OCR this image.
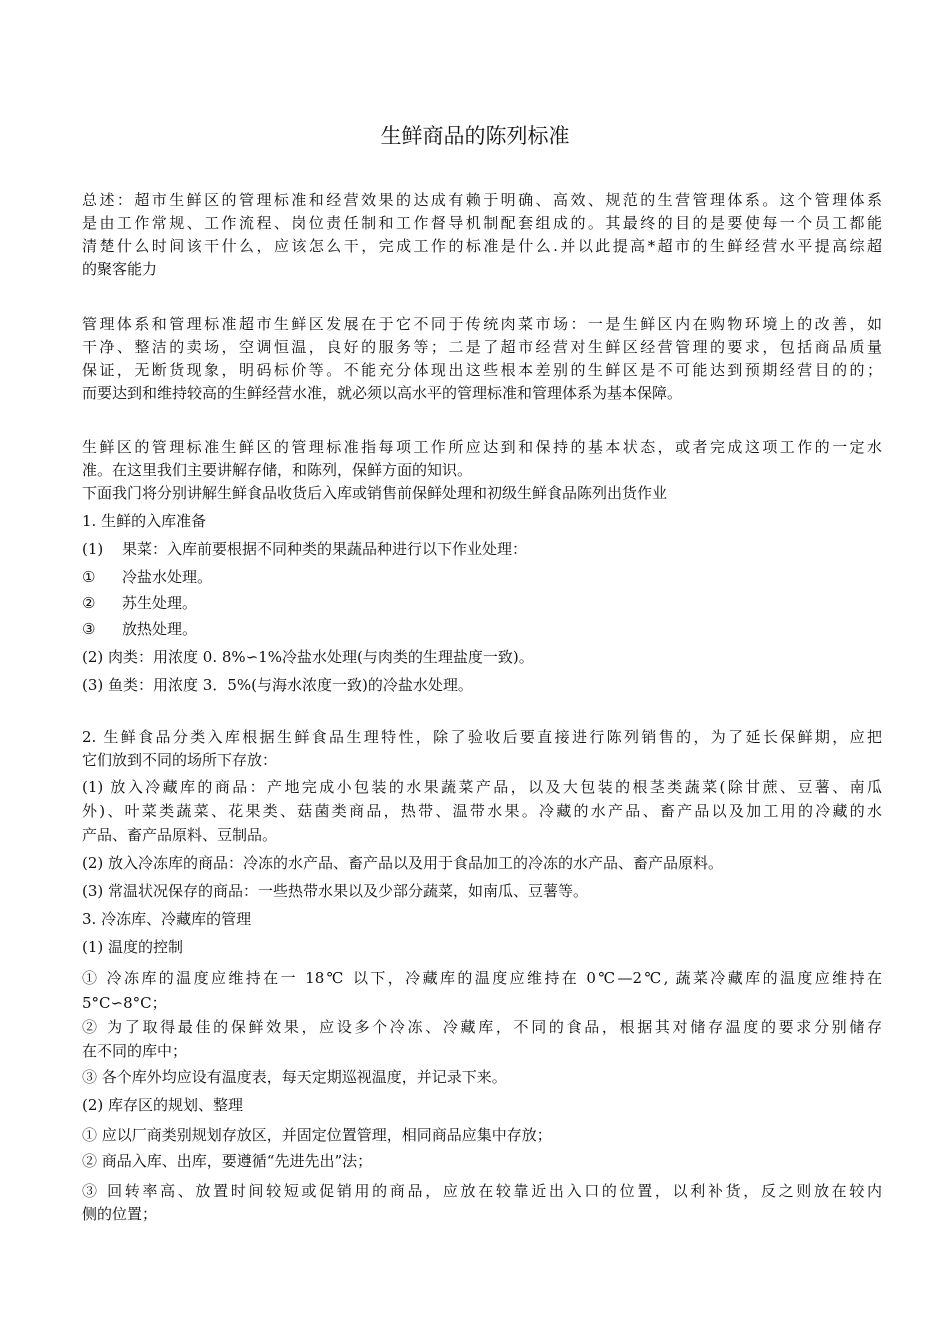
生鲜商品的陈列标准

总述：超市生鲜区的管理标准和经营效果的达成有赖于明确、高效、规范的生营管理体系。这个管理体系

是由工作常规、工作流程、岗位责任制和工作督导机制配套组成的。其最终的目的是要使每一个员工都能

清楚什么时间该干什么，应该怎么干，完成工作的标准是什么.并以此提高*超市的生鲜经营水平提高综超

的聚客能力

管理体系和管理标准超市生鲜区发展在于它不同于传统肉菜市场：一是生鲜区内在购物环境上的改善，如

干净、整洁的卖场，空调恒温，良好的服务等；二是了超市经营对生鲜区经营管理的要求，包括商品质量

保证，无断货现象，明码标价等。不能充分体现出这些根本差别的生鲜区是不可能达到预期经营目的的；

而要达到和维持较高的生鲜经营水准，就必须以高水平的管理标准和管理体系为基本保障。

生鲜区的管理标准生鲜区的管理标准指每项工作所应达到和保持的基本状态，或者完成这项工作的一定水

准。在这里我们主要讲解存储，和陈列，保鲜方面的知识。

下面我门将分别讲解生鲜食品收货后入库或销售前保鲜处理和初级生鲜食品陈列出货作业

1. 生鲜的入库准备

(1) 果菜：入库前要根据不同种类的果蔬品种进行以下作业处理：

① 冷盐水处理。

② 苏生处理。

③ 放热处理。

(2) 肉类：用浓度 0. 8%∽1%冷盐水处理(与肉类的生理盐度一致)。

(3) 鱼类：用浓度 3．5%(与海水浓度一致)的冷盐水处理。

2. 生鲜食品分类入库根据生鲜食品生理特性，除了验收后要直接进行陈列销售的，为了延长保鲜期，应把

它们放到不同的场所下存放：

(1) 放入冷藏库的商品：产地完成小包装的水果蔬菜产品，以及大包装的根茎类蔬菜(除甘蔗、豆薯、南瓜

外)、叶菜类蔬菜、花果类、菇菌类商品，热带、温带水果。冷藏的水产品、畜产品以及加工用的冷藏的水

产品、畜产品原料、豆制品。

(2) 放入冷冻库的商品：冷冻的水产品、畜产品以及用于食品加工的冷冻的水产品、畜产品原料。

(3) 常温状况保存的商品：一些热带水果以及少部分蔬菜，如南瓜、豆薯等。

3. 冷冻库、冷藏库的管理

(1) 温度的控制

① 冷冻库的温度应维持在一 18℃ 以下，冷藏库的温度应维持在 0℃—2℃, 蔬菜冷藏库的温度应维持在

5°C∽8°C；

② 为了取得最佳的保鲜效果，应设多个冷冻、冷藏库，不同的食品，根据其对储存温度的要求分别储存

在不同的库中；

③ 各个库外均应设有温度表，每天定期巡视温度，并记录下来。

(2) 库存区的规划、整理

① 应以厂商类别规划存放区，并固定位置管理，相同商品应集中存放；

② 商品入库、出库，要遵循“先进先出”法；

③ 回转率高、放置时间较短或促销用的商品，应放在较靠近出入口的位置，以利补货，反之则放在较内

侧的位置；
